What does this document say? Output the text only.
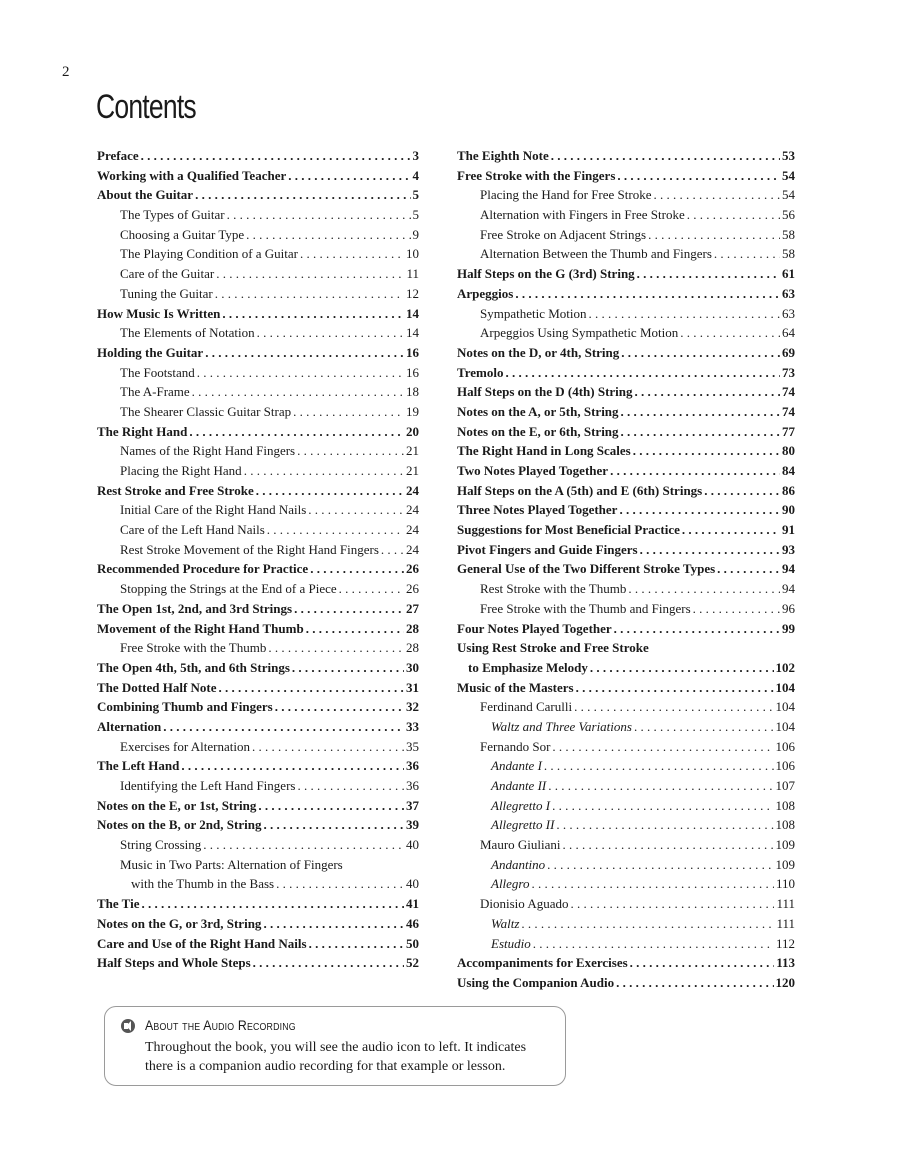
2
Contents
Preface . . .	3
Working with a Qualified Teacher . . .	4
About the Guitar . . .	5
The Types of Guitar . . .	5
Choosing a Guitar Type . . .	9
The Playing Condition of a Guitar . . .	10
Care of the Guitar . . .	11
Tuning the Guitar . . .	12
How Music Is Written . . .	14
The Elements of Notation . . .	14
Holding the Guitar . . .	16
The Footstand . . .	16
The A-Frame . . .	18
The Shearer Classic Guitar Strap . . .	19
The Right Hand . . .	20
Names of the Right Hand Fingers . . .	21
Placing the Right Hand . . .	21
Rest Stroke and Free Stroke . . .	24
Initial Care of the Right Hand Nails . . .	24
Care of the Left Hand Nails . . .	24
Rest Stroke Movement of the Right Hand Fingers . . . 24
Recommended Procedure for Practice . . .	26
Stopping the Strings at the End of a Piece . . .	26
The Open 1st, 2nd, and 3rd Strings . . .	27
Movement of the Right Hand Thumb . . .	28
Free Stroke with the Thumb . . .	28
The Open 4th, 5th, and 6th Strings . . .	30
The Dotted Half Note . . .	31
Combining Thumb and Fingers . . .	32
Alternation . . .	33
Exercises for Alternation . . .	35
The Left Hand . . .	36
Identifying the Left Hand Fingers . . .	36
Notes on the E, or 1st, String . . .	37
Notes on the B, or 2nd, String . . .	39
String Crossing . . .	40
Music in Two Parts: Alternation of Fingers
with the Thumb in the Bass . . .	40
The Tie . . .	41
Notes on the G, or 3rd, String . . .	46
Care and Use of the Right Hand Nails . . .	50
Half Steps and Whole Steps . . .	52
The Eighth Note . . .	53
Free Stroke with the Fingers . . .	54
Placing the Hand for Free Stroke . . .	54
Alternation with Fingers in Free Stroke . . .	56
Free Stroke on Adjacent Strings . . .	58
Alternation Between the Thumb and Fingers . . .	58
Half Steps on the G (3rd) String . . .	61
Arpeggios . . .	63
Sympathetic Motion . . .	63
Arpeggios Using Sympathetic Motion . . .	64
Notes on the D, or 4th, String . . .	69
Tremolo . . .	73
Half Steps on the D (4th) String . . .	74
Notes on the A, or 5th, String . . .	74
Notes on the E, or 6th, String . . .	77
The Right Hand in Long Scales . . .	80
Two Notes Played Together . . .	84
Half Steps on the A (5th) and E (6th) Strings . . .	86
Three Notes Played Together . . .	90
Suggestions for Most Beneficial Practice . . .	91
Pivot Fingers and Guide Fingers . . .	93
General Use of the Two Different Stroke Types . . .	94
Rest Stroke with the Thumb . . .	94
Free Stroke with the Thumb and Fingers . . .	96
Four Notes Played Together . . .	99
Using Rest Stroke and Free Stroke
to Emphasize Melody . . .	102
Music of the Masters . . .	104
Ferdinand Carulli . . .	104
Waltz and Three Variations . . .	104
Fernando Sor . . .	106
Andante I . . .	106
Andante II . . .	107
Allegretto I . . .	108
Allegretto II . . .	108
Mauro Giuliani . . .	109
Andantino . . .	109
Allegro . . .	110
Dionisio Aguado . . .	111
Waltz . . .	111
Estudio . . .	112
Accompaniments for Exercises . . .	113
Using the Companion Audio . . .	120
About the Audio Recording
Throughout the book, you will see the audio icon to left. It indicates there is a companion audio recording for that example or lesson.
